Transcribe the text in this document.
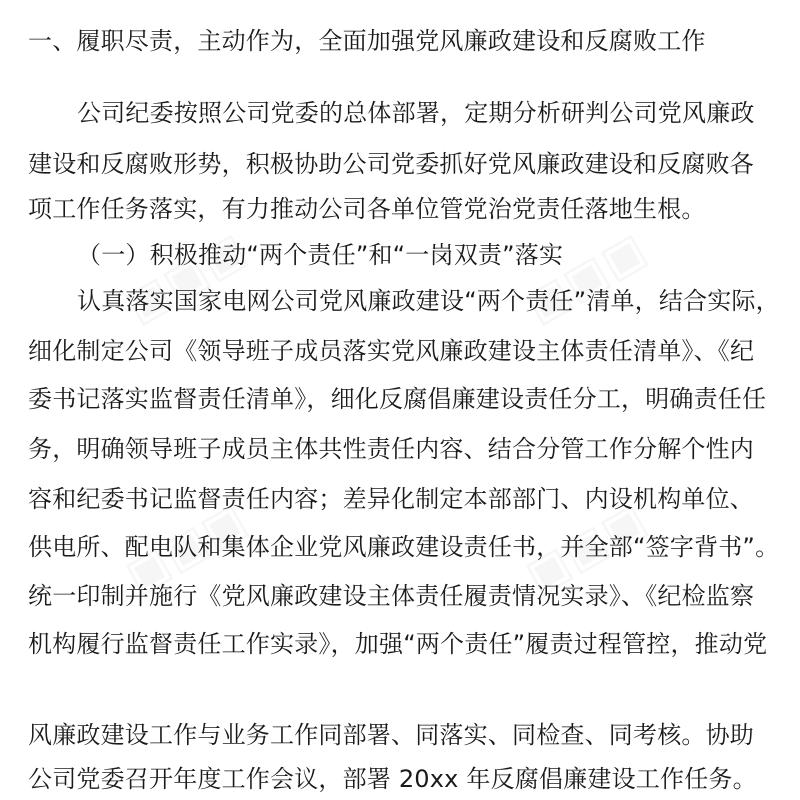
一、履职尽责，主动作为，全面加强党风廉政建设和反腐败工作
公司纪委按照公司党委的总体部署，定期分析研判公司党风廉政
建设和反腐败形势，积极协助公司党委抓好党风廉政建设和反腐败各
项工作任务落实，有力推动公司各单位管党治党责任落地生根。
（一）积极推动“两个责任”和“一岗双责”落实
认真落实国家电网公司党风廉政建设“两个责任”清单，结合实际，
细化制定公司《领导班子成员落实党风廉政建设主体责任清单》、《纪
委书记落实监督责任清单》，细化反腐倡廉建设责任分工，明确责任任
务，明确领导班子成员主体共性责任内容、结合分管工作分解个性内
容和纪委书记监督责任内容；差异化制定本部部门、内设机构单位、
供电所、配电队和集体企业党风廉政建设责任书，并全部“签字背书”。
统一印制并施行《党风廉政建设主体责任履责情况实录》、《纪检监察
机构履行监督责任工作实录》，加强“两个责任”履责过程管控，推动党
风廉政建设工作与业务工作同部署、同落实、同检查、同考核。协助
公司党委召开年度工作会议，部署 20xx 年反腐倡廉建设工作任务。
